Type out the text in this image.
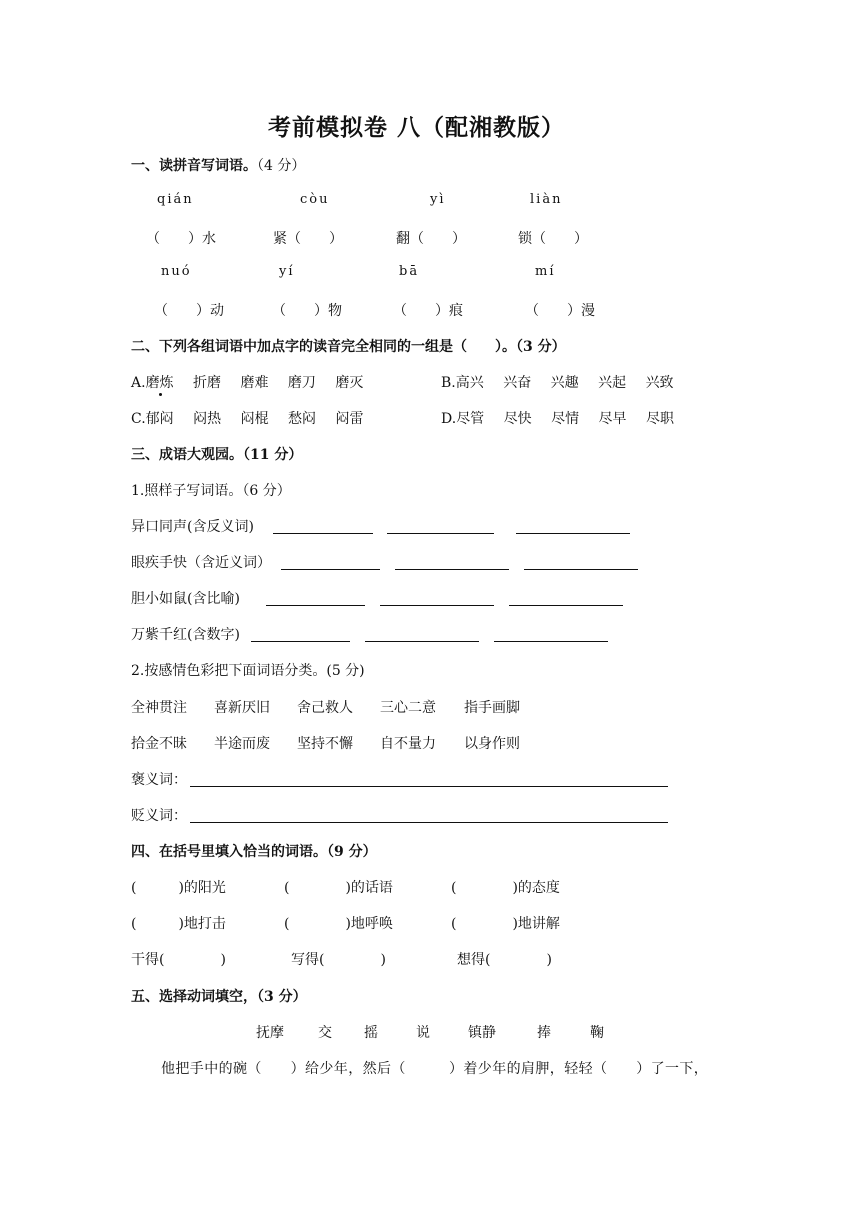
考前模拟卷 八（配湘教版）
一、读拼音写词语。（4 分）
qián	còu	yì	liàn
（　　）水	紧（　　）	翻（　　）	锁（　　）
nuó	yí	bā	mí
（　　）动	（　　）物	（　　）痕	（　　）漫
二、下列各组词语中加点字的读音完全相同的一组是（　　）。（3 分）
A.磨炼 折磨 磨难 磨刀 磨灭	B.高兴 兴奋 兴趣 兴起 兴致
C.郁闷 闷热 闷棍 愁闷 闷雷	D.尽管 尽快 尽情 尽早 尽职
三、成语大观园。（11 分）
1.照样子写词语。（6 分）
异口同声(含反义词)
眼疾手快（含近义词）
胆小如鼠(含比喻)
万紫千红(含数字)
2.按感情色彩把下面词语分类。(5 分)
全神贯注 喜新厌旧 舍己救人 三心二意 指手画脚
拾金不昧 半途而废 坚持不懈 自不量力 以身作则
褒义词：
贬义词：
四、在括号里填入恰当的词语。（9 分）
(　　　)的阳光	(　　　　)的话语	(　　　　)的态度
(　　　)地打击	(　　　　)地呼唤	(　　　　)地讲解
干得(　　　　)	写得(　　　　)	想得(　　　　)
五、选择动词填空，（3 分）
抚摩 交 摇	说	镇静	捧	鞠
他把手中的碗（　　）给少年，然后（　　　）着少年的肩胛，轻轻（　　）了一下，
